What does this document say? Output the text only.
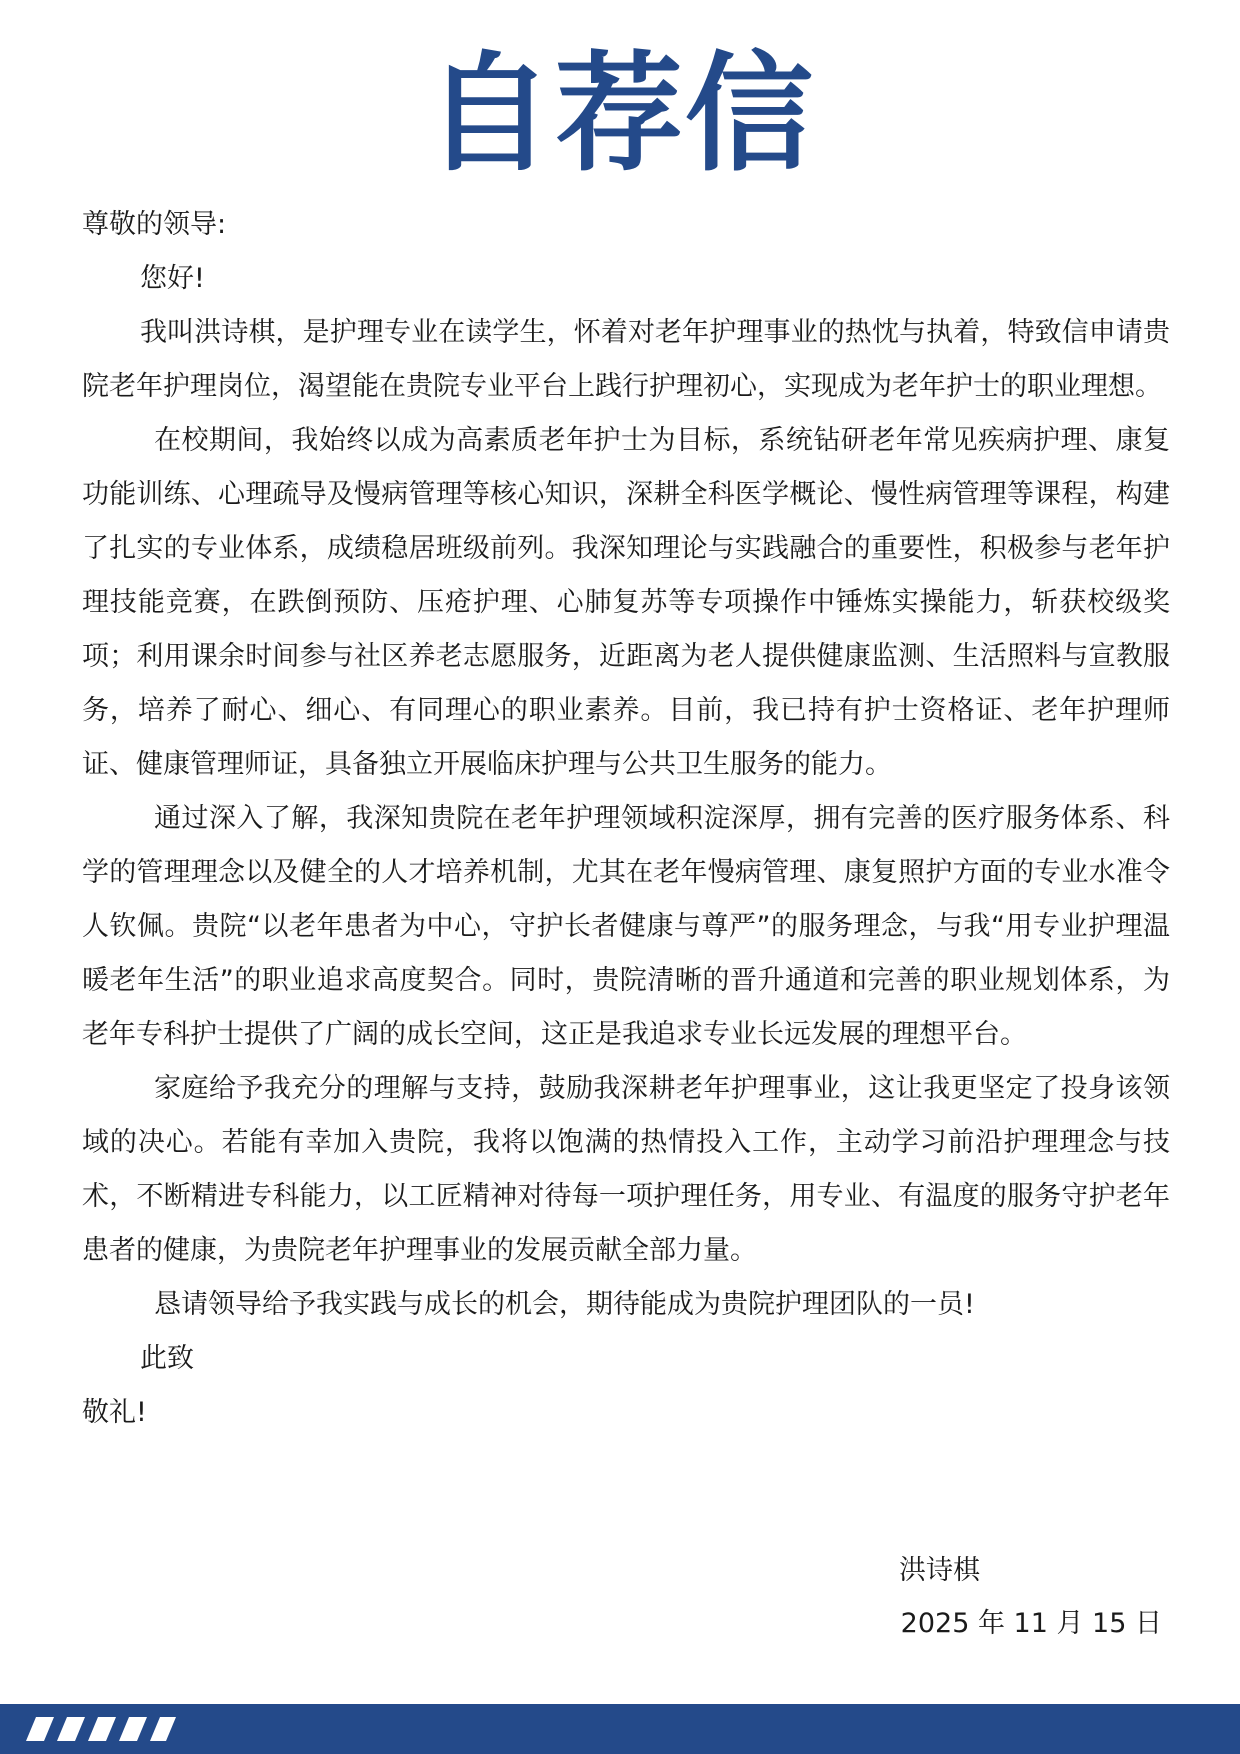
自荐信

尊敬的领导:

您好!

我叫洪诗棋，是护理专业在读学生，怀着对老年护理事业的热忱与执着，特致信申请贵院老年护理岗位，渴望能在贵院专业平台上践行护理初心，实现成为老年护士的职业理想。

在校期间，我始终以成为高素质老年护士为目标，系统钻研老年常见疾病护理、康复功能训练、心理疏导及慢病管理等核心知识，深耕全科医学概论、慢性病管理等课程，构建了扎实的专业体系，成绩稳居班级前列。我深知理论与实践融合的重要性，积极参与老年护理技能竞赛，在跌倒预防、压疮护理、心肺复苏等专项操作中锤炼实操能力，斩获校级奖项；利用课余时间参与社区养老志愿服务，近距离为老人提供健康监测、生活照料与宣教服务，培养了耐心、细心、有同理心的职业素养。目前，我已持有护士资格证、老年护理师证、健康管理师证，具备独立开展临床护理与公共卫生服务的能力。

通过深入了解，我深知贵院在老年护理领域积淀深厚，拥有完善的医疗服务体系、科学的管理理念以及健全的人才培养机制，尤其在老年慢病管理、康复照护方面的专业水准令人钦佩。贵院“以老年患者为中心，守护长者健康与尊严”的服务理念，与我“用专业护理温暖老年生活”的职业追求高度契合。同时，贵院清晰的晋升通道和完善的职业规划体系，为老年专科护士提供了广阔的成长空间，这正是我追求专业长远发展的理想平台。

家庭给予我充分的理解与支持，鼓励我深耕老年护理事业，这让我更坚定了投身该领域的决心。若能有幸加入贵院，我将以饱满的热情投入工作，主动学习前沿护理理念与技术，不断精进专科能力，以工匠精神对待每一项护理任务，用专业、有温度的服务守护老年患者的健康，为贵院老年护理事业的发展贡献全部力量。

恳请领导给予我实践与成长的机会，期待能成为贵院护理团队的一员!

此致

敬礼!

洪诗棋
2025 年 11 月 15 日
